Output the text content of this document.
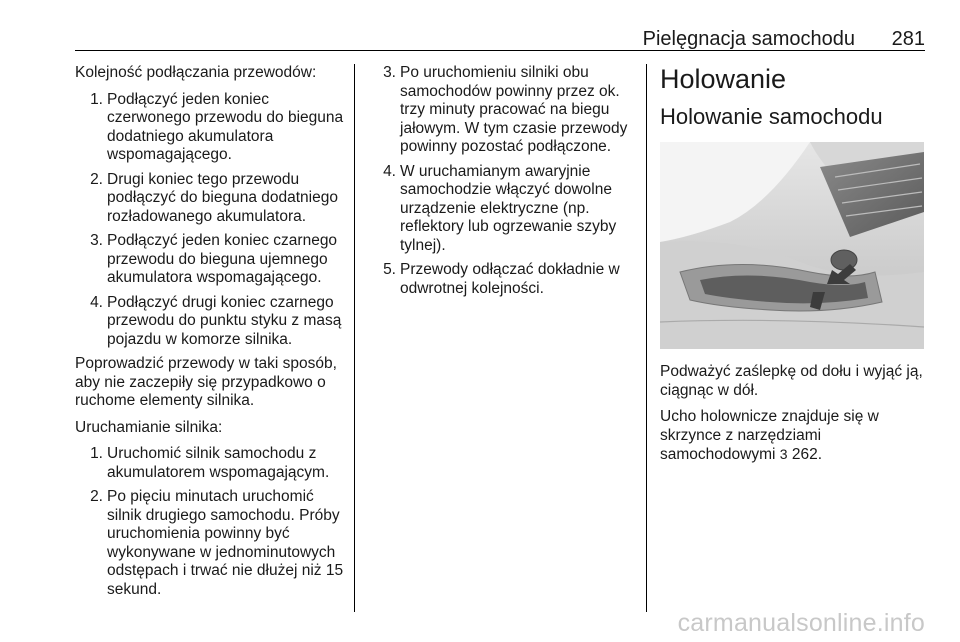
Pielęgnacja samochodu 281

Kolejność podłączania przewodów:

1. Podłączyć jeden koniec czerwonego przewodu do bieguna dodatniego akumulatora wspomagającego.
2. Drugi koniec tego przewodu podłączyć do bieguna dodatniego rozładowanego akumulatora.
3. Podłączyć jeden koniec czarnego przewodu do bieguna ujemnego akumulatora wspomagającego.
4. Podłączyć drugi koniec czarnego przewodu do punktu styku z masą pojazdu w komorze silnika.

Poprowadzić przewody w taki sposób, aby nie zaczepiły się przypadkowo o ruchome elementy silnika.

Uruchamianie silnika:

1. Uruchomić silnik samochodu z akumulatorem wspomagającym.
2. Po pięciu minutach uruchomić silnik drugiego samochodu. Próby uruchomienia powinny być wykonywane w jednominutowych odstępach i trwać nie dłużej niż 15 sekund.
3. Po uruchomieniu silniki obu samochodów powinny przez ok. trzy minuty pracować na biegu jałowym. W tym czasie przewody powinny pozostać podłączone.
4. W uruchamianym awaryjnie samochodzie włączyć dowolne urządzenie elektryczne (np. reflektory lub ogrzewanie szyby tylnej).
5. Przewody odłączać dokładnie w odwrotnej kolejności.
Holowanie
Holowanie samochodu

Podważyć zaślepkę od dołu i wyjąć ją, ciągnąc w dół.

Ucho holownicze znajduje się w skrzynce z narzędziami samochodowymi 3 262.

carmanualsonline.info
